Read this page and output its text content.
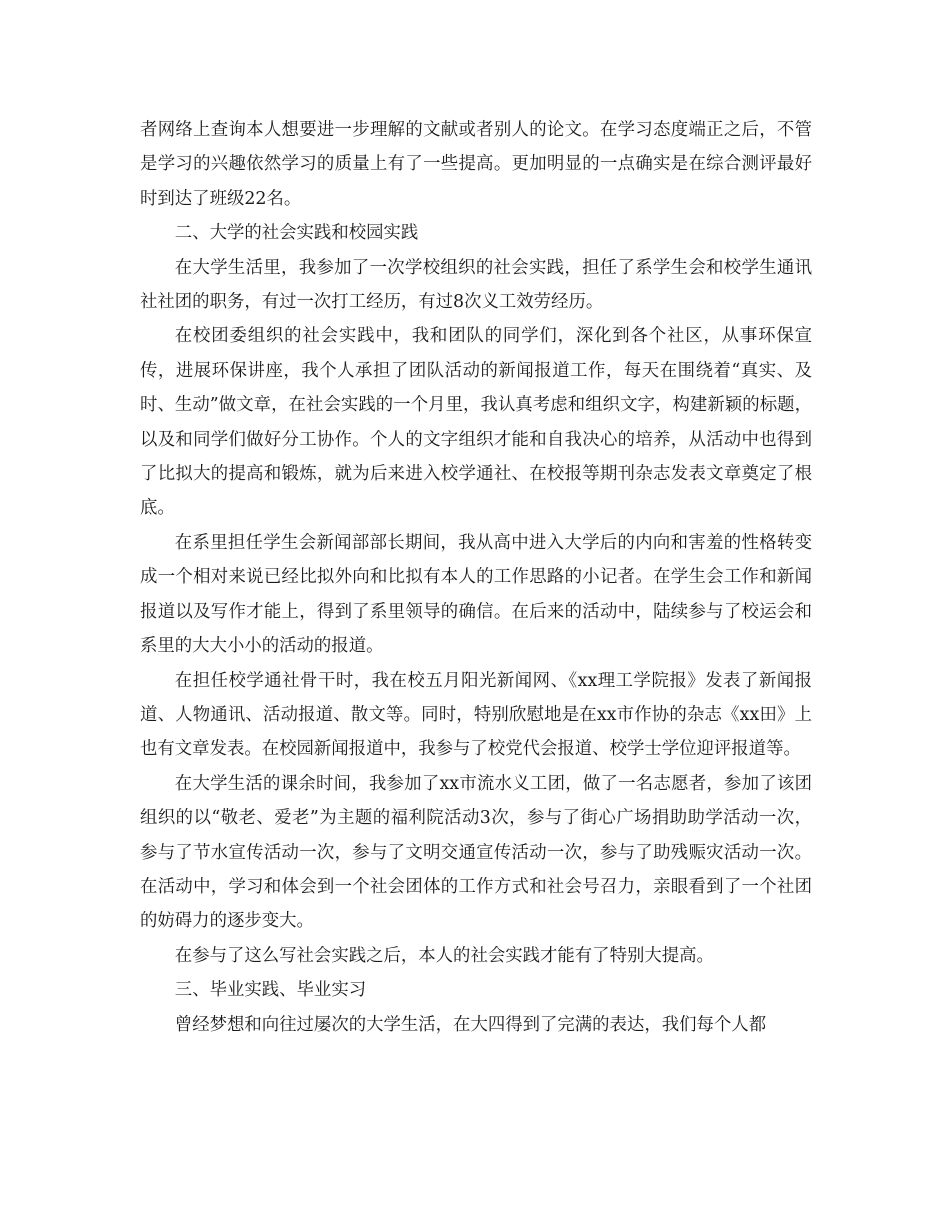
者网络上查询本人想要进一步理解的文献或者别人的论文。在学习态度端正之后，不管是学习的兴趣依然学习的质量上有了一些提高。更加明显的一点确实是在综合测评最好时到达了班级22名。

二、大学的社会实践和校园实践

在大学生活里，我参加了一次学校组织的社会实践，担任了系学生会和校学生通讯社社团的职务，有过一次打工经历，有过8次义工效劳经历。

在校团委组织的社会实践中，我和团队的同学们，深化到各个社区，从事环保宣传，进展环保讲座，我个人承担了团队活动的新闻报道工作，每天在围绕着“真实、及时、生动”做文章，在社会实践的一个月里，我认真考虑和组织文字，构建新颖的标题，以及和同学们做好分工协作。个人的文字组织才能和自我决心的培养，从活动中也得到了比拟大的提高和锻炼，就为后来进入校学通社、在校报等期刊杂志发表文章奠定了根底。

在系里担任学生会新闻部部长期间，我从高中进入大学后的内向和害羞的性格转变成一个相对来说已经比拟外向和比拟有本人的工作思路的小记者。在学生会工作和新闻报道以及写作才能上，得到了系里领导的确信。在后来的活动中，陆续参与了校运会和系里的大大小小的活动的报道。

在担任校学通社骨干时，我在校五月阳光新闻网、《xx理工学院报》发表了新闻报道、人物通讯、活动报道、散文等。同时，特别欣慰地是在xx市作协的杂志《xx田》上也有文章发表。在校园新闻报道中，我参与了校党代会报道、校学士学位迎评报道等。

在大学生活的课余时间，我参加了xx市流水义工团，做了一名志愿者，参加了该团组织的以“敬老、爱老”为主题的福利院活动3次，参与了街心广场捐助助学活动一次，参与了节水宣传活动一次，参与了文明交通宣传活动一次，参与了助残赈灾活动一次。在活动中，学习和体会到一个社会团体的工作方式和社会号召力，亲眼看到了一个社团的妨碍力的逐步变大。

在参与了这么写社会实践之后，本人的社会实践才能有了特别大提高。

三、毕业实践、毕业实习

曾经梦想和向往过屡次的大学生活，在大四得到了完满的表达，我们每个人都
